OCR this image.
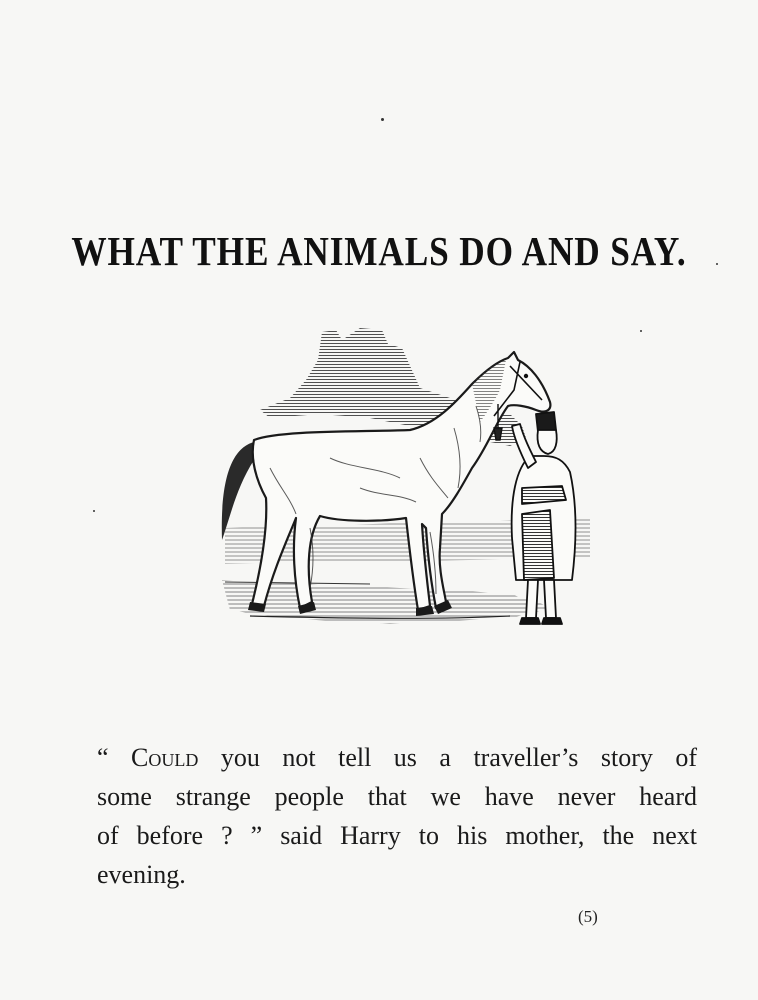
WHAT THE ANIMALS DO AND SAY.
“ Could you not tell us a traveller’s story of
some strange people that we have never heard
of before ? ” said Harry to his mother, the next
evening.
(5)
